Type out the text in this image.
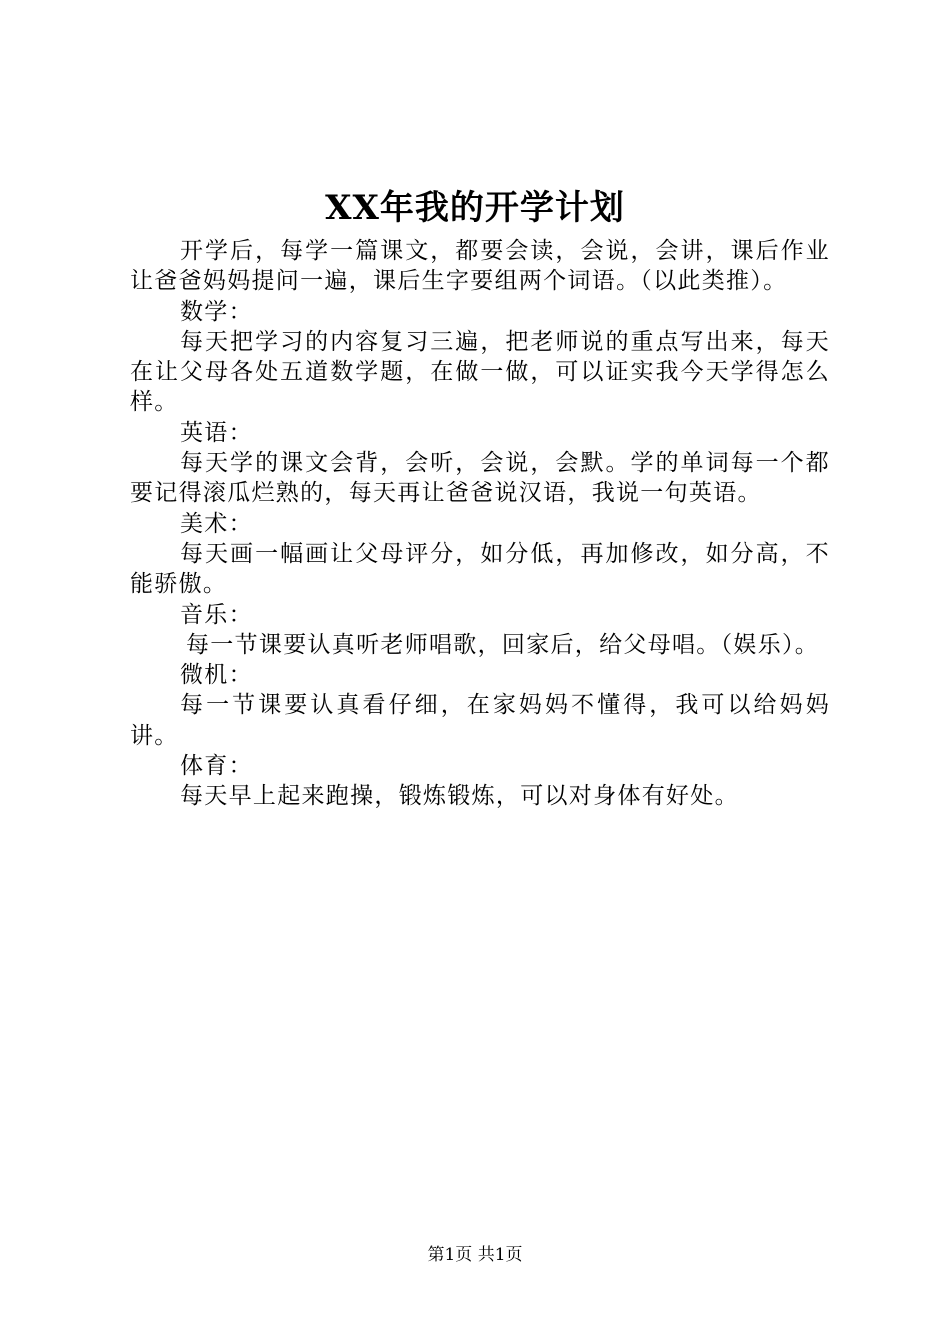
XX年我的开学计划

开学后，每学一篇课文，都要会读，会说，会讲，课后作业让爸爸妈妈提问一遍，课后生字要组两个词语。（以此类推）。

数学：

每天把学习的内容复习三遍，把老师说的重点写出来，每天在让父母各处五道数学题，在做一做，可以证实我今天学得怎么样。

英语：

每天学的课文会背，会听，会说，会默。学的单词每一个都要记得滚瓜烂熟的，每天再让爸爸说汉语，我说一句英语。

美术：

每天画一幅画让父母评分，如分低，再加修改，如分高，不能骄傲。

音乐：

每一节课要认真听老师唱歌，回家后，给父母唱。（娱乐）。

微机：

每一节课要认真看仔细，在家妈妈不懂得，我可以给妈妈讲。

体育：

每天早上起来跑操，锻炼锻炼，可以对身体有好处。

第1页 共1页
